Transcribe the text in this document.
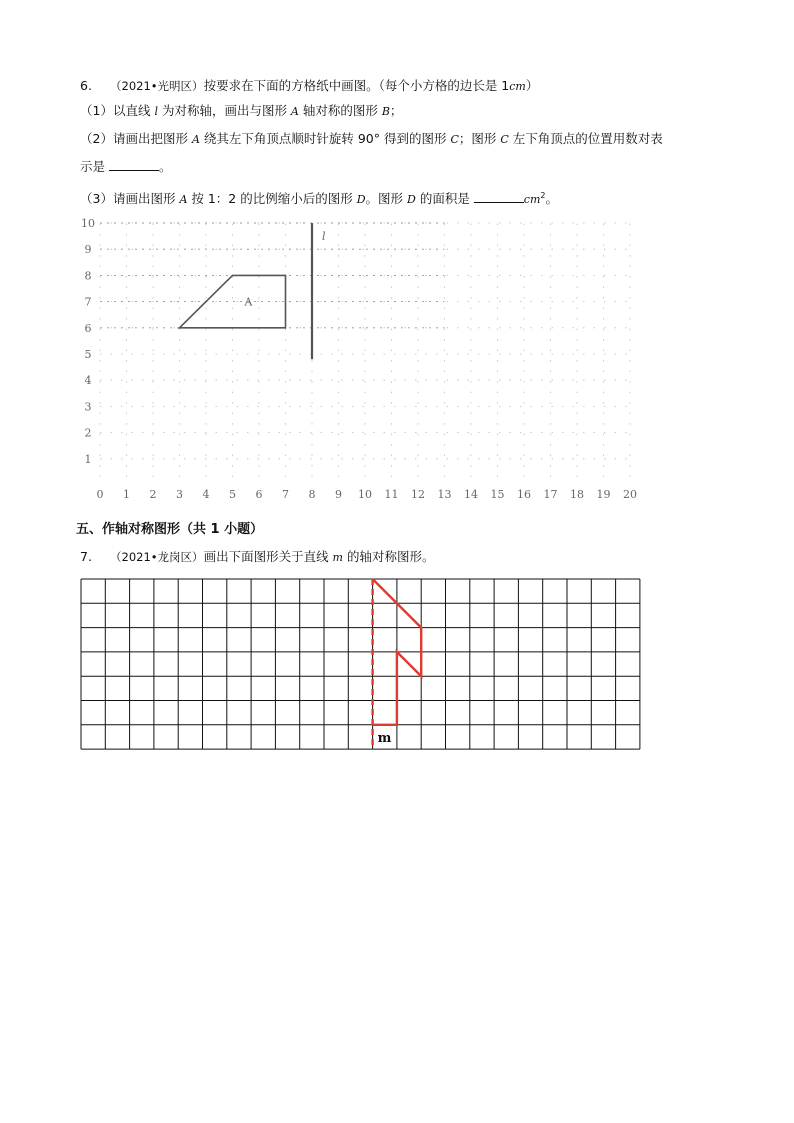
6. （2021•光明区）按要求在下面的方格纸中画图。（每个小方格的边长是 1cm）
（1）以直线 l 为对称轴，画出与图形 A 轴对称的图形 B；
（2）请画出把图形 A 绕其左下角顶点顺时针旋转 90° 得到的图形 C；图形 C 左下角顶点的位置用数对表
示是	。
（3）请画出图形 A 按 1：2 的比例缩小后的图形 D。图形 D 的面积是	$cm^2$。
0 1 2 3 4 5 6 7 8 9 10 11 12 13 14 15 16 17 18 19 20
1
2
3
4
5
6
7
8
9
10
l
A
五、作轴对称图形（共 1 小题）
7. （2021•龙岗区）画出下面图形关于直线 m 的轴对称图形。
m
